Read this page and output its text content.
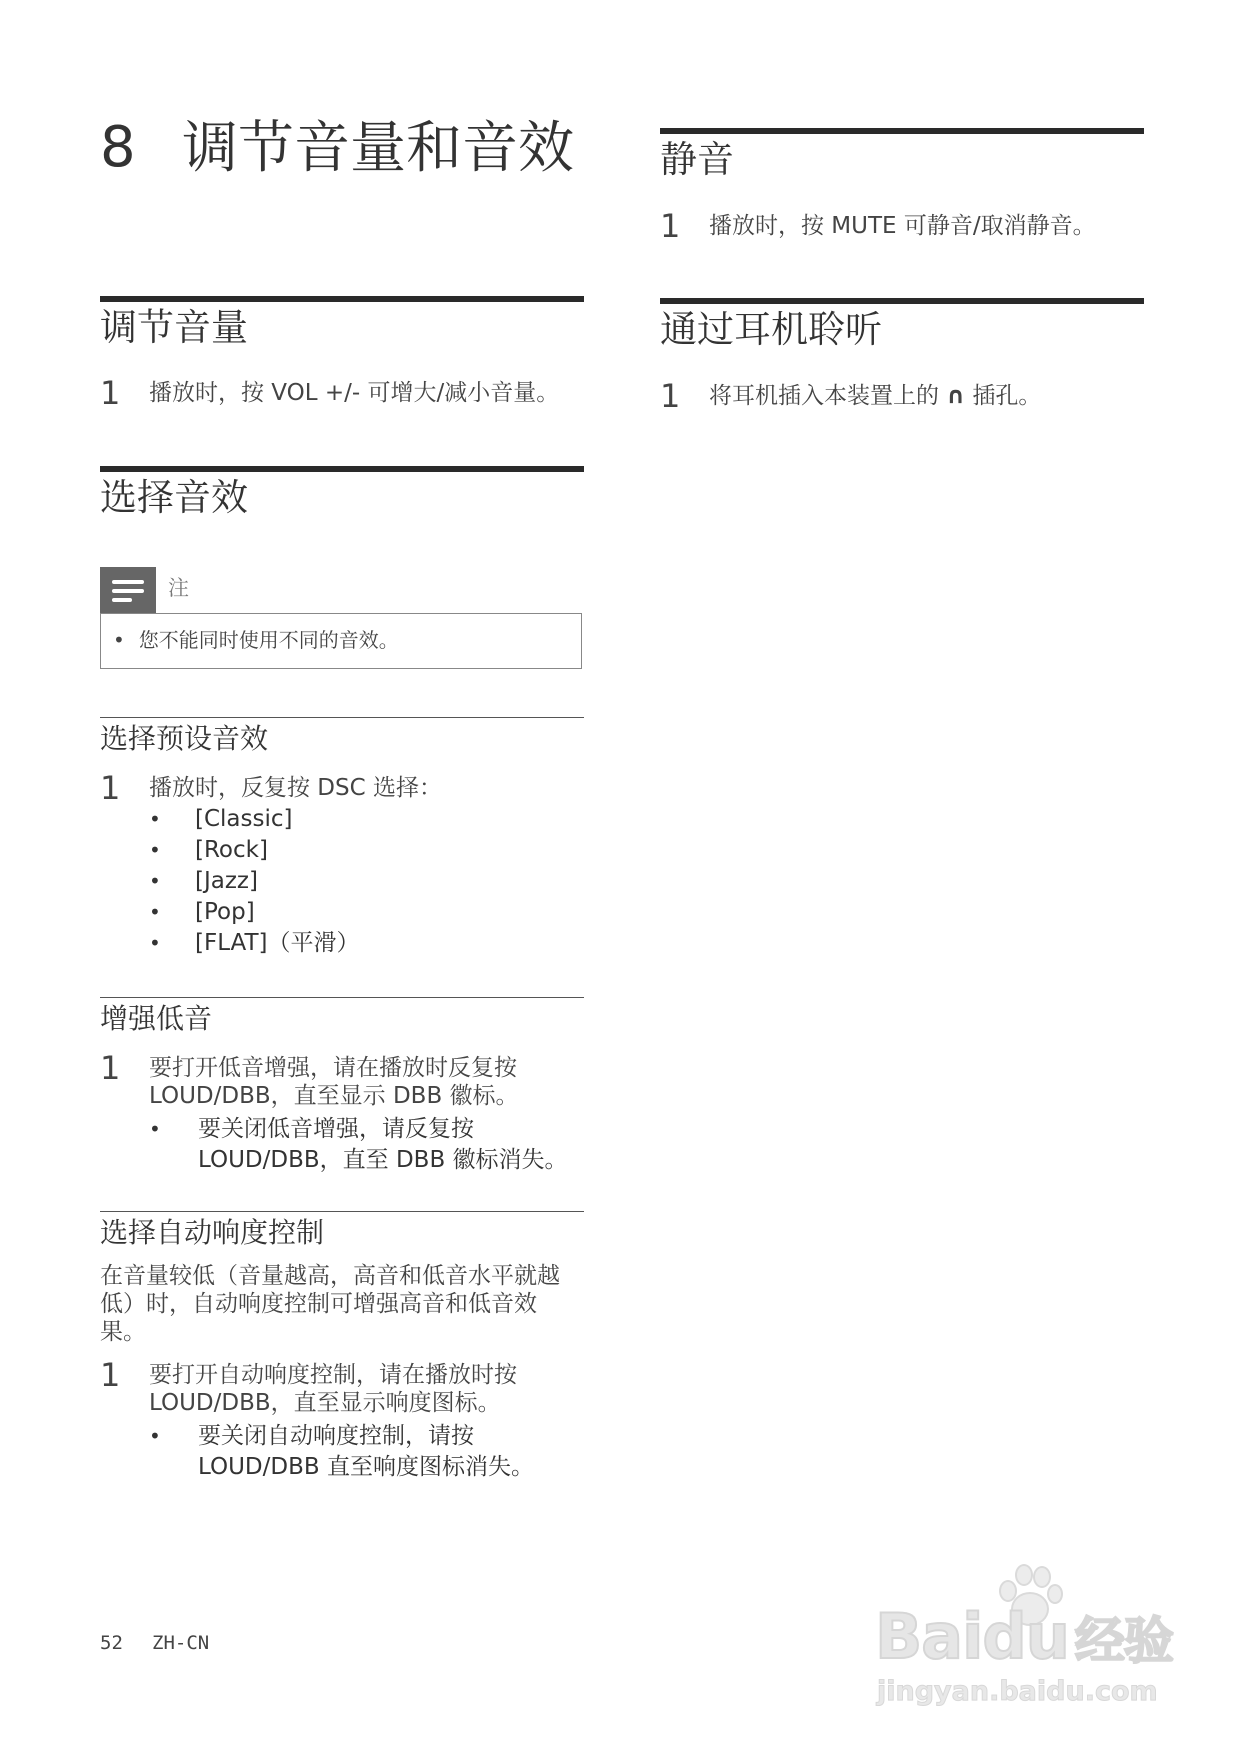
8 调节音量和音效
调节音量
1 播放时，按 VOL +/- 可增大/减小音量。
选择音效
注
• 您不能同时使用不同的音效。
选择预设音效
1 播放时，反复按 DSC 选择：
• [Classic]
• [Rock]
• [Jazz]
• [Pop]
• [FLAT]（平滑）
增强低音
1 要打开低音增强，请在播放时反复按 LOUD/DBB，直至显示 DBB 徽标。
• 要关闭低音增强，请反复按 LOUD/DBB，直至 DBB 徽标消失。
选择自动响度控制
在音量较低（音量越高，高音和低音水平就越低）时，自动响度控制可增强高音和低音效果。
1 要打开自动响度控制，请在播放时按 LOUD/DBB，直至显示响度图标。
• 要关闭自动响度控制，请按 LOUD/DBB 直至响度图标消失。
静音
1 播放时，按 MUTE 可静音/取消静音。
通过耳机聆听
1 将耳机插入本装置上的 ∩ 插孔。
52 ZH-CN	Baidu 经验
jingyan.baidu.com
